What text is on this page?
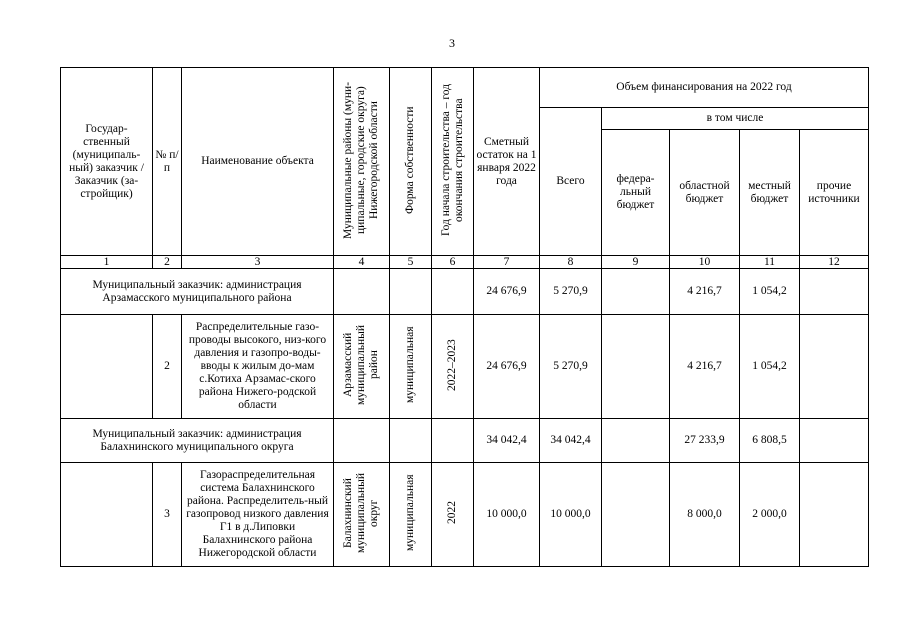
3
Государ-ственный (муниципаль-ный) заказчик / Заказчик (за-стройщик)	№ п/п	Наименование объекта	Муниципальные районы (муни-ципальные, городские округа) Нижегородской области	Форма собственности	Год начала строительства – год окончания строительства	Сметный остаток на 1 января 2022 года	Объем финансирования на 2022 год				
							Всего	в том числе			
								федера-льный бюджет	областной бюджет	местный бюджет	прочие источники
1	2	3	4	5	6	7	8	9	10	11	12
Муниципальный заказчик: администрация Арзамасского муниципального района						24 676,9	5 270,9		4 216,7	1 054,2	
	2	Распределительные газо-проводы высокого, низ-кого давления и газопро-воды-вводы к жилым до-мам с.Котиха Арзамас-ского района Нижего-родской области	Арзамасский муниципальный район	муниципальная	2022–2023	24 676,9	5 270,9		4 216,7	1 054,2	
Муниципальный заказчик: администрация Балахнинского муниципального округа						34 042,4	34 042,4		27 233,9	6 808,5	
	3	Газораспределительная система Балахнинского района. Распределитель-ный газопровод низкого давления Г1 в д.Липовки Балахнинского района Нижегородской области	Балахнинский муниципальный округ	муниципальная	2022	10 000,0	10 000,0		8 000,0	2 000,0	
